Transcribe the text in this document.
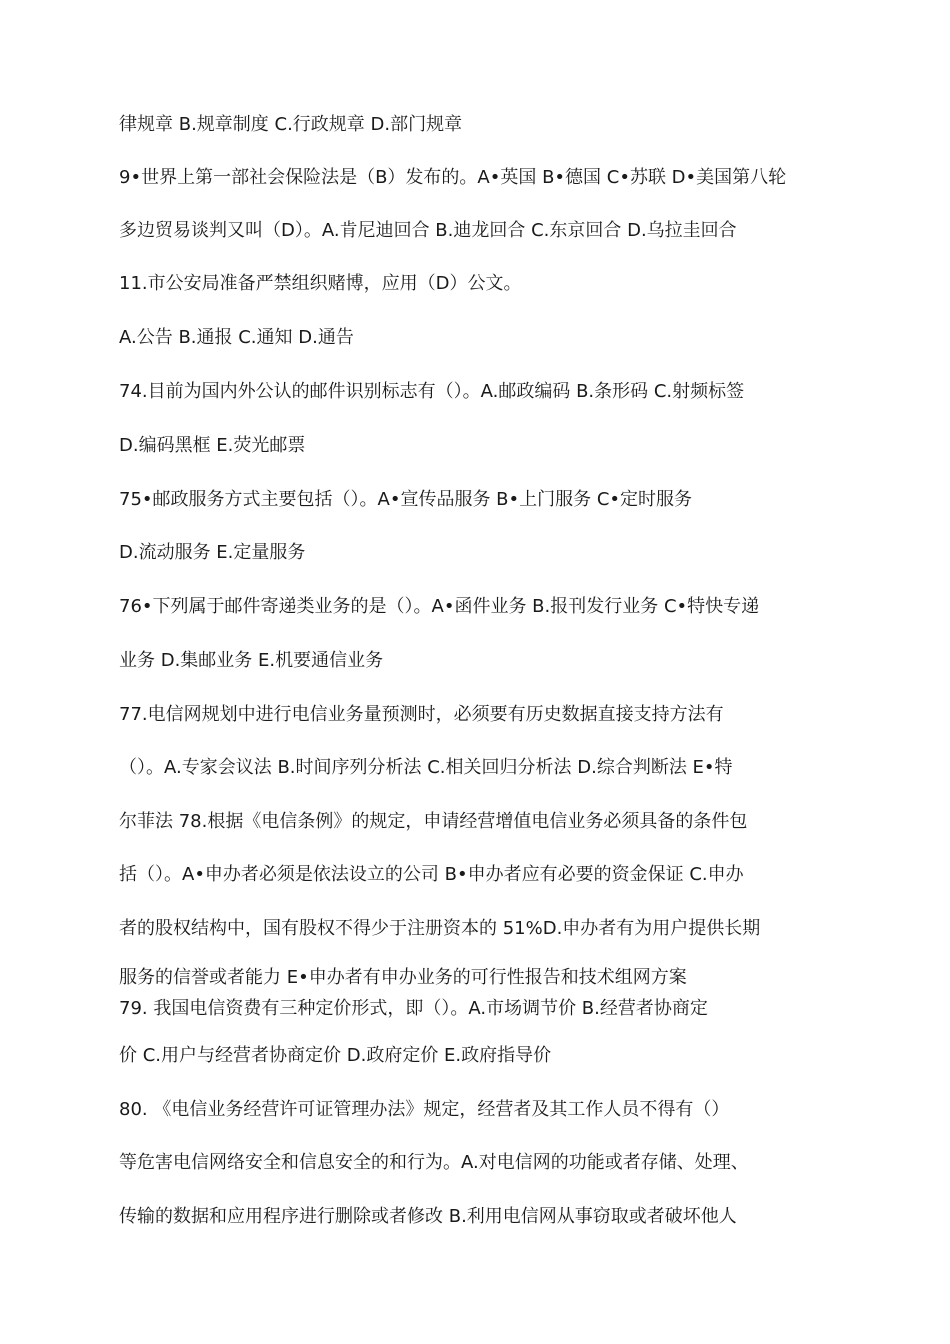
律规章 B.规章制度 C.行政规章 D.部门规章
9•世界上第一部社会保险法是（B）发布的。A•英国 B•德国 C•苏联 D•美国第八轮
多边贸易谈判又叫（D）。A.肯尼迪回合 B.迪龙回合 C.东京回合 D.乌拉圭回合
11.市公安局准备严禁组织赌博，应用（D）公文。
A.公告 B.通报 C.通知 D.通告
74.目前为国内外公认的邮件识别标志有（）。A.邮政编码 B.条形码 C.射频标签
D.编码黑框 E.荧光邮票
75•邮政服务方式主要包括（）。A•宣传品服务 B•上门服务 C•定时服务
D.流动服务 E.定量服务
76•下列属于邮件寄递类业务的是（）。A•函件业务 B.报刊发行业务 C•特快专递
业务 D.集邮业务 E.机要通信业务
77.电信网规划中进行电信业务量预测时，必须要有历史数据直接支持方法有
（）。A.专家会议法 B.时间序列分析法 C.相关回归分析法 D.综合判断法 E•特
尔菲法 78.根据《电信条例》的规定，申请经营增值电信业务必须具备的条件包
括（）。A•申办者必须是依法设立的公司 B•申办者应有必要的资金保证 C.申办
者的股权结构中，国有股权不得少于注册资本的 51%D.申办者有为用户提供长期
服务的信誉或者能力 E•申办者有申办业务的可行性报告和技术组网方案
79. 我国电信资费有三种定价形式，即（）。A.市场调节价 B.经营者协商定
价 C.用户与经营者协商定价 D.政府定价 E.政府指导价
80. 《电信业务经营许可证管理办法》规定，经营者及其工作人员不得有（）
等危害电信网络安全和信息安全的和行为。A.对电信网的功能或者存储、处理、
传输的数据和应用程序进行删除或者修改 B.利用电信网从事窃取或者破坏他人
